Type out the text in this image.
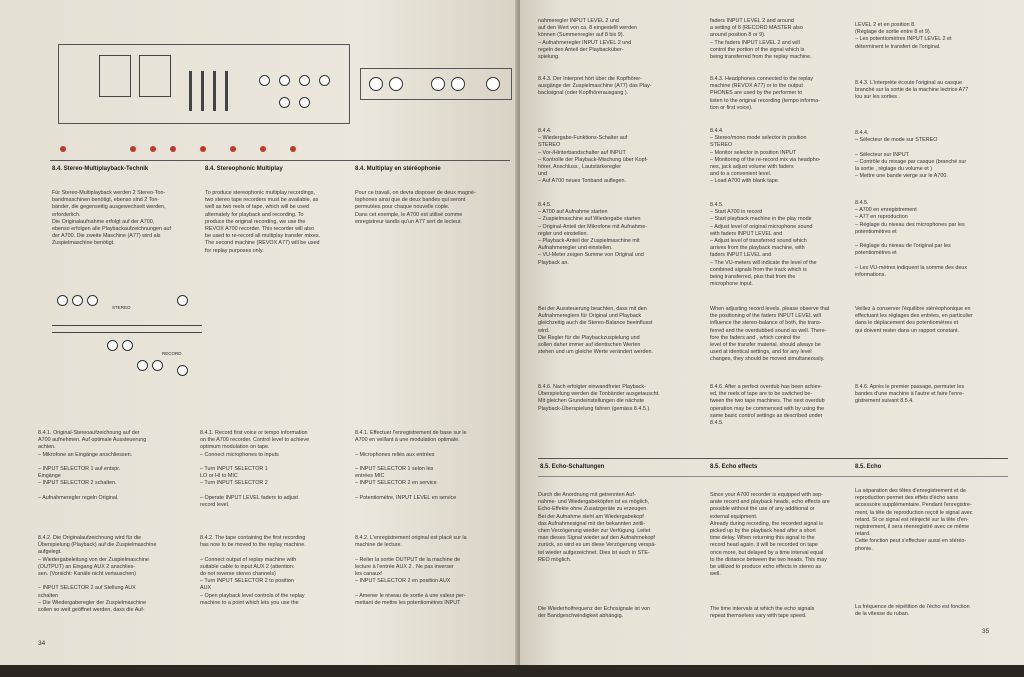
8.4. Stereo-Multiplayback-Technik	8.4. Stereophonic Multiplay	8.4. Multiplay en stéréophonie
Für Stereo-Multiplayback werden 2 Stereo-Ton-
bandmaschinen benötigt, ebenso sind 2 Ton-
bänder, die gegenseitig ausgewechselt werden,
erforderlich.
Die Originalaufnahme erfolgt auf der A700,
ebenso erfolgen alle Playbackaufzeichnungen auf
der A700. Die zweite Maschine (A77) wird als
Zuspielmaschine benötigt.
To produce stereophonic multiplay recordings,
two stereo tape recorders must be available, as
well as two reels of tape, which will be used
alternately for playback and recording. To
produce the original recording, we use the
REVOX A700 recorder. This recorder will also
be used to re-record all multiplay transfer mixes.
The second machine (REVOX A77) will be used
for replay purposes only.
Pour ce travail, on devra disposer de deux magné-
tophones ainsi que de deux bandes qui seront
permutées pour chaque nouvelle copie.
Dans cet exemple, le A700 est utilisé comme
enregistreur tandis qu'un A77 sert de lecteur.
STEREO
RECORD
8.4.1. Original-Stereoaufzeichnung auf der
A700 aufnehmen. Auf optimale Aussteuerung
achten.
– Mikrofone an Eingänge anschliessen.

– INPUT SELECTOR 1 auf entspr.
Eingänge
– INPUT SELECTOR 2 schalten.

– Aufnahmeregler regeln Original.
8.4.1. Record first voice or tempo information
on the A700 recorder. Control level to achieve
optimum modulation on tape.
– Connect microphones to inputs

– Turn INPUT SELECTOR 1
LO or HI to MIC
– Turn INPUT SELECTOR 2

– Operate INPUT LEVEL faders to adjust
record level.
8.4.1. Effectuer l'enregistrement de base sur le
A700 en veillant à une modulation optimale.

– Microphones reliés aux entrées

– INPUT SELECTOR 1 selon les
entrées MIC
– INPUT SELECTOR 2 en service

– Potentiomètre, INPUT LEVEL en service
8.4.2. Die Originalaufzeichnung wird für die
Überspielung (Playback) auf die Zuspielmaschine
aufgelegt.
– Wiedergabeleitung von der Zuspielmaschine
(OUTPUT) an Eingang AUX 2 anschlies-
sen. (Vorsicht: Kanäle nicht vertauschen)

– INPUT SELECTOR 2 auf Stellung AUX
schalten
– Die Wiedergaberegler der Zuspielmaschine
sollen so weit geöffnet werden, dass die Auf-
8.4.2. The tape containing the first recording
has now to be moved to the replay machine.

– Connect output of replay machine with
suitable cable to input AUX 2 (attention:
do not reverse stereo channels)
– Turn INPUT SELECTOR 2 to position
AUX
– Open playback level controls of the replay
machine to a point which lets you use the
8.4.2. L'enregistrement original est placé sur la
machine de lecture.

– Relier la sortie OUTPUT de la machine de
lecture à l'entrée AUX 2 . Ne pas inverser
les canaux!
– INPUT SELECTOR 2 en position AUX

– Amener le niveau de sortie à une valeur per-
mettant de mettre les potentiomètres INPUT
34
nahmeregler INPUT LEVEL 2 und
auf den Wert von ca. 8 eingestellt werden
können (Summenregler auf 8 bis 9).
– Aufnahmeregler INPUT LEVEL 2 und
regeln den Anteil der Playbacküber-
spielung.
faders INPUT LEVEL 2 and around
a setting of 8 (RECORD MASTER also
around position 8 or 9).
– The faders INPUT LEVEL 2 and will
control the portion of the signal which is
being transferred from the replay machine.
LEVEL 2 et en position 8.
(Réglage de sortie entre 8 et 9).
– Les potentiomètres INPUT LEVEL 2 et
déterminent le transfert de l'original.
8.4.3. Der Interpret hört über die Kopfhörer-
ausgänge der Zuspielmaschine (A77) das Play-
backsignal (oder Kopfhörerausgang ).
8.4.3. Headphones connected to the replay
machine (REVOX A77) or to the output
PHONES are used by the performer to
listen to the original recording (tempo informa-
tion or first voice).
8.4.3. L'interprète écoute l'original au casque
branché sur la sortie de la machine lectrice A77
lou sur les sorties .
8.4.4.
– Wiedergabe-Funktions-Schalter auf
STEREO
– Vor-/Hinterbandschalter auf INPUT
– Kontrolle der Playback-Mischung über Kopf-
hörer, Anschluss , Lautstärkeregler
und
– Auf A700 neues Tonband auflegen.
8.4.4.
– Stereo/mono mode selector in position
STEREO
– Monitor selector in position INPUT
– Monitoring of the re-record mix via headpho-
nes, jack adjust volume with faders
and to a convenient level.
– Load A700 with blank tape.
8.4.4.
– Sélecteur de mode sur STEREO

– Sélecteur sur INPUT
– Contrôle du mixage par casque (branché sur
la sortie , réglage du volume et )
– Mettre une bande vierge sur le A700.
8.4.5.
– A700 auf Aufnahme starten
– Zuspielmaschine auf Wiedergabe starten
– Original-Anteil der Mikrofone mit Aufnahme-
regler und einstellen.
– Playback-Anteil der Zuspielmaschine mit
Aufnahmeregler und einstellen.
– VU-Meter zeigen Summe von Original und
Playback an.
8.4.5.
– Start A700 in record
– Start playback machine in the play mode
– Adjust level of original microphone sound
with faders INPUT LEVEL and
– Adjust level of transferred sound which
arrives from the playback machine, with
faders INPUT LEVEL and
– The VU-meters will indicate the level of the
combined signals from the track which is
being transferred, plus that from the
microphone input.
8.4.5.
– A700 en enregistrement
– A77 en reproduction
– Réglage du niveau des microphones par les
potentiomètres et

– Réglage du niveau de l'original par les
potentiomètres et

– Les VU-mètres indiquent la somme des deux
informations.
Bei der Aussteuerung beachten, dass mit den
Aufnahmereglern für Original und Playback
gleichzeitig auch die Stereo-Balance beeinflusst
wird.
Die Regler für die Playbackzuspielung und
sollen daher immer auf identischen Werten
stehen und um gleiche Werte verändert werden.
When adjusting record levels, please observe that
the positioning of the faders INPUT LEVEL will
influence the stereo-balance of both, the trans-
ferred and the overdubbed sound as well. There-
fore the faders and , which control the
level of the transfer material, should always be
used at identical settings, and for any level
changes, they should be moved simultaneously.
Veillez à conserver l'équilibre stéréophonique en
effectuant les réglages des entrées, en particulier
dans le déplacement des potentiomètres et
qui doivent rester dans un rapport constant.
8.4.6. Nach erfolgter einwandfreier Playback-
Überspielung werden die Tonbänder ausgetauscht.
Mit gleichen Grundeinstellungen die nächste
Playback-Überspielung fahren (gemäss 8.4.5.).
8.4.6. After a perfect overdub has been achiev-
ed, the reels of tape are to be switched be-
tween the two tape machines. The next overdub
operation may be commenced with by using the
same basic control settings as described under
8.4.5.
8.4.6. Après le premier passage, permuter les
bandes d'une machine à l'autre et faire l'enre-
gistrement suivant 8.5.4.
8.5. Echo-Schaltungen	8.5. Echo effects	8.5. Echo
Durch die Anordnung mit getrennten Auf-
nahme- und Wiedergabeköpfen ist es möglich,
Echo-Effekte ohne Zusatzgeräte zu erzeugen.
Bei der Aufnahme steht am Wiedergabekopf
das Aufnahmesignal mit der bekannten zeitli-
chen Verzögerung wieder zur Verfügung. Leitet
man dieses Signal wieder auf den Aufnahmekopf
zurück, so wird es um diese Verzögerung verspä-
tet wieder aufgezeichnet. Dies ist auch in STE-
REO möglich.
Since your A700 recorder is equipped with sep-
arate record and playback heads, echo effects are
possible without the use of any additional or
external equipment.
Already during recording, the recorded signal is
picked up by the playback head after a short
time delay. When returning this signal to the
record head again, it will be recorded on tape
once more, but delayed by a time interval equal
to the distance between the two heads. This may
be utilized to produce echo effects in stereo as
well.
La séparation des têtes d'enregistrement et de
reproduction permet des effets d'écho sans
accessoire supplémentaire. Pendant l'enregistre-
ment, la tête de reproduction reçoit le signal avec
retard. Si ce signal est réinjecté sur la tête d'en-
registrement, il sera réenregistré avec ce même
retard.
Cette fonction peut s'effectuer aussi en stéréo-
phonie.
Die Wiederholfrequenz der Echosignale ist von
der Bandgeschwindigkeit abhängig.
The time intervals at which the echo signals
repeat themselves vary with tape speed.
La fréquence de répétition de l'écho est fonction
de la vitesse du ruban.
35
